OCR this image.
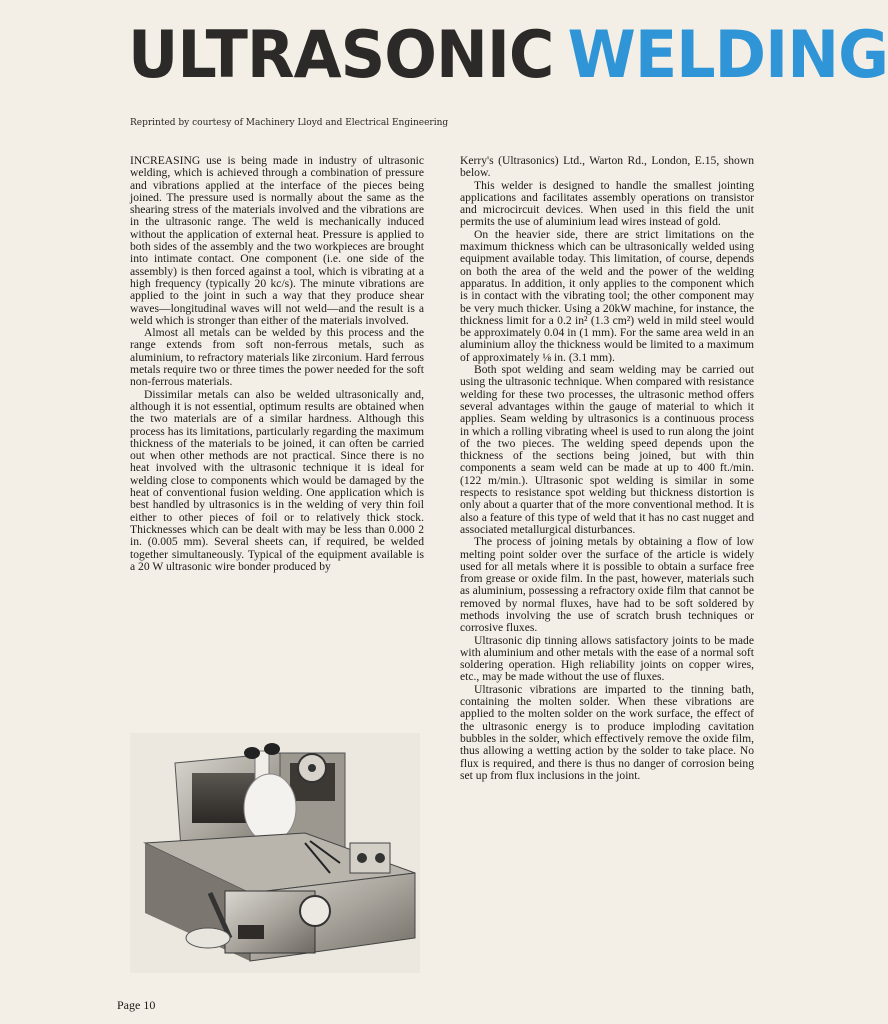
ULTRASONIC WELDING
Reprinted by courtesy of Machinery Lloyd and Electrical Engineering

INCREASING use is being made in industry of ultrasonic welding, which is achieved through a combination of pressure and vibrations applied at the interface of the pieces being joined. The pressure used is normally about the same as the shearing stress of the materials involved and the vibrations are in the ultrasonic range. The weld is mechanically induced without the application of external heat. Pressure is applied to both sides of the assembly and the two workpieces are brought into intimate contact. One component (i.e. one side of the assembly) is then forced against a tool, which is vibrating at a high frequency (typically 20 kc/s). The minute vibrations are applied to the joint in such a way that they produce shear waves—longitudinal waves will not weld—and the result is a weld which is stronger than either of the materials involved.

Almost all metals can be welded by this process and the range extends from soft non-ferrous metals, such as aluminium, to refractory materials like zirconium. Hard ferrous metals require two or three times the power needed for the soft non-ferrous materials.

Dissimilar metals can also be welded ultrasonically and, although it is not essential, optimum results are obtained when the two materials are of a similar hardness. Although this process has its limitations, particularly regarding the maximum thickness of the materials to be joined, it can often be carried out when other methods are not practical. Since there is no heat involved with the ultrasonic technique it is ideal for welding close to components which would be damaged by the heat of conventional fusion welding. One application which is best handled by ultrasonics is in the welding of very thin foil either to other pieces of foil or to relatively thick stock. Thicknesses which can be dealt with may be less than 0.000 2 in. (0.005 mm). Several sheets can, if required, be welded together simultaneously. Typical of the equipment available is a 20 W ultrasonic wire bonder produced by

Kerry's (Ultrasonics) Ltd., Warton Rd., London, E.15, shown below.

This welder is designed to handle the smallest jointing applications and facilitates assembly operations on transistor and microcircuit devices. When used in this field the unit permits the use of aluminium lead wires instead of gold.

On the heavier side, there are strict limitations on the maximum thickness which can be ultrasonically welded using equipment available today. This limitation, of course, depends on both the area of the weld and the power of the welding apparatus. In addition, it only applies to the component which is in contact with the vibrating tool; the other component may be very much thicker. Using a 20kW machine, for instance, the thickness limit for a 0.2 in² (1.3 cm²) weld in mild steel would be approximately 0.04 in (1 mm). For the same area weld in an aluminium alloy the thickness would be limited to a maximum of approximately ⅛ in. (3.1 mm).

Both spot welding and seam welding may be carried out using the ultrasonic technique. When compared with resistance welding for these two processes, the ultrasonic method offers several advantages within the gauge of material to which it applies. Seam welding by ultrasonics is a continuous process in which a rolling vibrating wheel is used to run along the joint of the two pieces. The welding speed depends upon the thickness of the sections being joined, but with thin components a seam weld can be made at up to 400 ft./min. (122 m/min.). Ultrasonic spot welding is similar in some respects to resistance spot welding but thickness distortion is only about a quarter that of the more conventional method. It is also a feature of this type of weld that it has no cast nugget and associated metallurgical disturbances.

The process of joining metals by obtaining a flow of low melting point solder over the surface of the article is widely used for all metals where it is possible to obtain a surface free from grease or oxide film. In the past, however, materials such as aluminium, possessing a refractory oxide film that cannot be removed by normal fluxes, have had to be soft soldered by methods involving the use of scratch brush techniques or corrosive fluxes.

Ultrasonic dip tinning allows satisfactory joints to be made with aluminium and other metals with the ease of a normal soft soldering operation. High reliability joints on copper wires, etc., may be made without the use of fluxes.

Ultrasonic vibrations are imparted to the tinning bath, containing the molten solder. When these vibrations are applied to the molten solder on the work surface, the effect of the ultrasonic energy is to produce imploding cavitation bubbles in the solder, which effectively remove the oxide film, thus allowing a wetting action by the solder to take place. No flux is required, and there is thus no danger of corrosion being set up from flux inclusions in the joint.

Page 10
